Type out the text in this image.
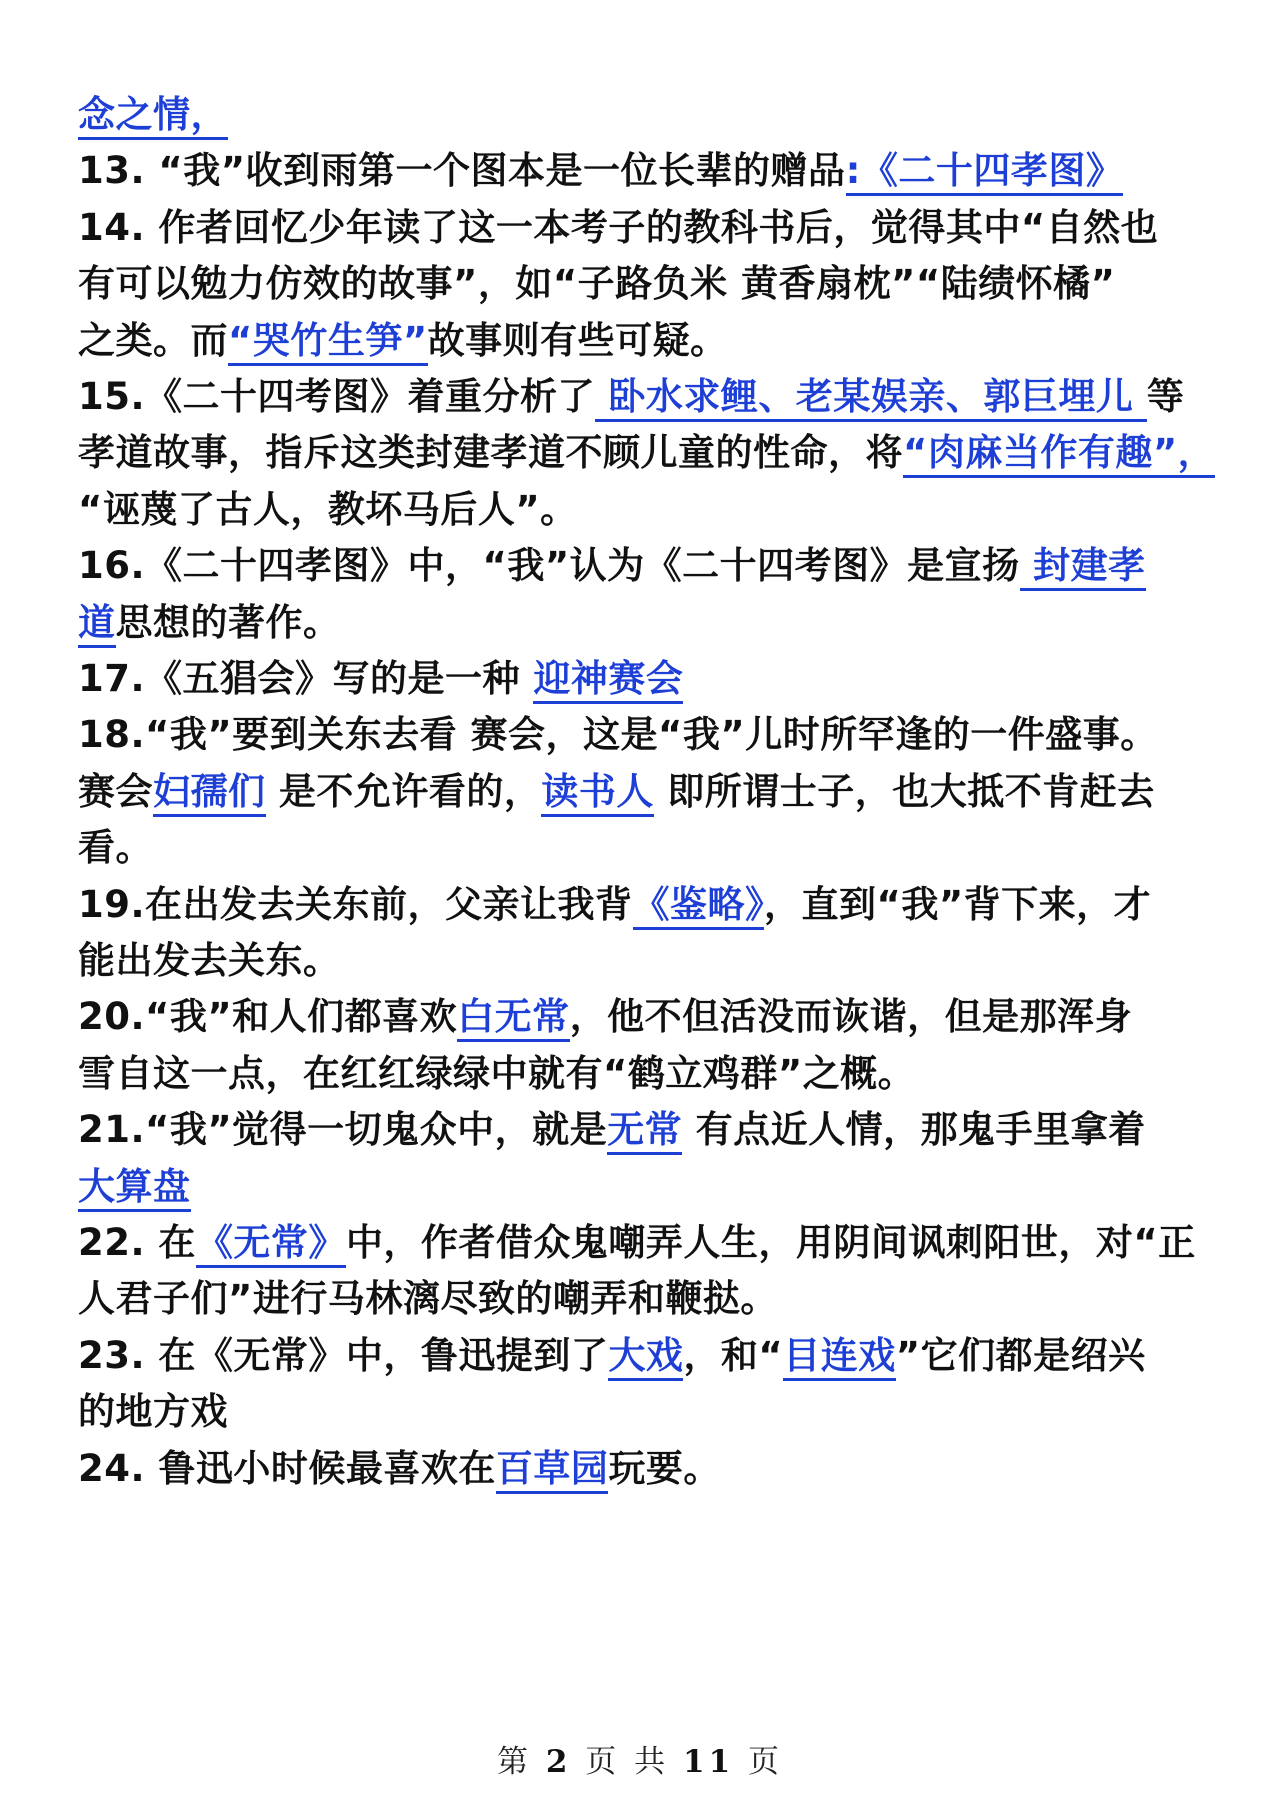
念之情，
13. “我”收到雨第一个图本是一位长辈的赠品:《二十四孝图》
14. 作者回忆少年读了这一本考子的教科书后，觉得其中“自然也
有可以勉力仿效的故事”，如“子路负米 黄香扇枕”“陆绩怀橘”
之类。而“哭竹生笋”故事则有些可疑。
15.《二十四考图》着重分析了 卧水求鲤、老某娱亲、郭巨埋儿 等
孝道故事，指斥这类封建孝道不顾儿童的性命，将“肉麻当作有趣”，
“诬蔑了古人，教坏马后人”。
16.《二十四孝图》中，“我”认为《二十四考图》是宣扬 封建孝
道思想的著作。
17.《五猖会》写的是一种 迎神赛会
18.“我”要到关东去看 赛会，这是“我”儿时所罕逢的一件盛事。
赛会妇孺们 是不允许看的，读书人 即所谓士子，也大抵不肯赶去
看。
19.在出发去关东前，父亲让我背《鉴略》，直到“我”背下来，才
能出发去关东。
20.“我”和人们都喜欢白无常，他不但活没而诙谐，但是那浑身
雪自这一点，在红红绿绿中就有“鹤立鸡群”之概。
21.“我”觉得一切鬼众中，就是无常 有点近人情，那鬼手里拿着
大算盘
22. 在《无常》中，作者借众鬼嘲弄人生，用阴间讽刺阳世，对“正
人君子们”进行马林漓尽致的嘲弄和鞭挞。
23. 在《无常》中，鲁迅提到了大戏，和“目连戏”它们都是绍兴
的地方戏
24. 鲁迅小时候最喜欢在百草园玩要。
第 2 页 共 11 页
